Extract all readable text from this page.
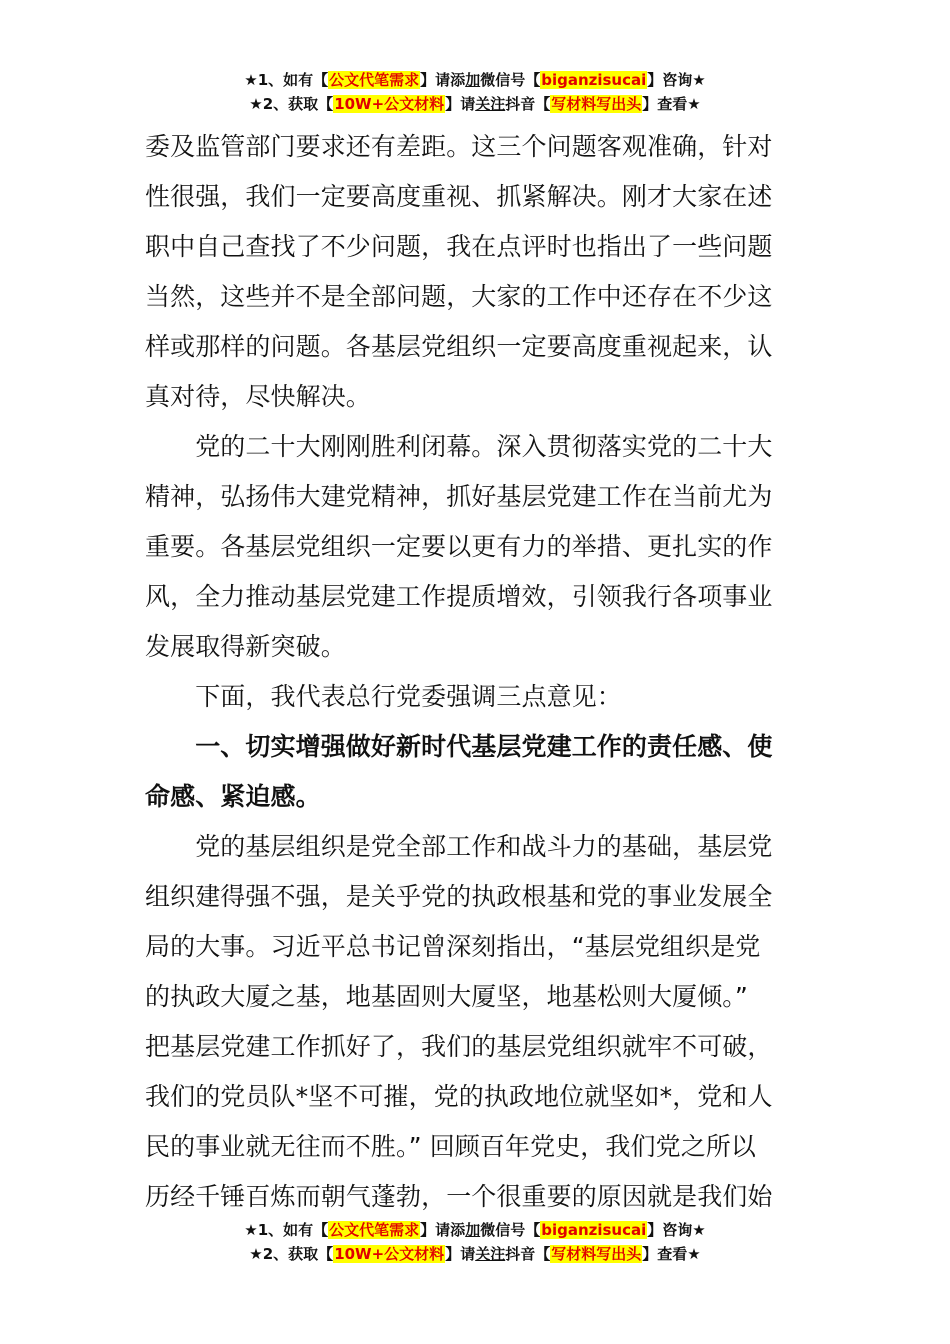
★1、如有【公文代笔需求】请添加微信号【biganzisucai】咨询★
★2、获取【10W+公文材料】请关注抖音【写材料写出头】查看★
委及监管部门要求还有差距。这三个问题客观准确，针对
性很强，我们一定要高度重视、抓紧解决。刚才大家在述
职中自己查找了不少问题，我在点评时也指出了一些问题
当然，这些并不是全部问题，大家的工作中还存在不少这
样或那样的问题。各基层党组织一定要高度重视起来，认
真对待，尽快解决。
　　党的二十大刚刚胜利闭幕。深入贯彻落实党的二十大
精神，弘扬伟大建党精神，抓好基层党建工作在当前尤为
重要。各基层党组织一定要以更有力的举措、更扎实的作
风，全力推动基层党建工作提质增效，引领我行各项事业
发展取得新突破。
　　下面，我代表总行党委强调三点意见：
　　一、切实增强做好新时代基层党建工作的责任感、使
命感、紧迫感。
　　党的基层组织是党全部工作和战斗力的基础，基层党
组织建得强不强，是关乎党的执政根基和党的事业发展全
局的大事。习近平总书记曾深刻指出，“基层党组织是党
的执政大厦之基，地基固则大厦坚，地基松则大厦倾。”
把基层党建工作抓好了，我们的基层党组织就牢不可破，
我们的党员队*坚不可摧，党的执政地位就坚如*，党和人
民的事业就无往而不胜。” 回顾百年党史，我们党之所以
历经千锤百炼而朝气蓬勃，一个很重要的原因就是我们始
★1、如有【公文代笔需求】请添加微信号【biganzisucai】咨询★
★2、获取【10W+公文材料】请关注抖音【写材料写出头】查看★
